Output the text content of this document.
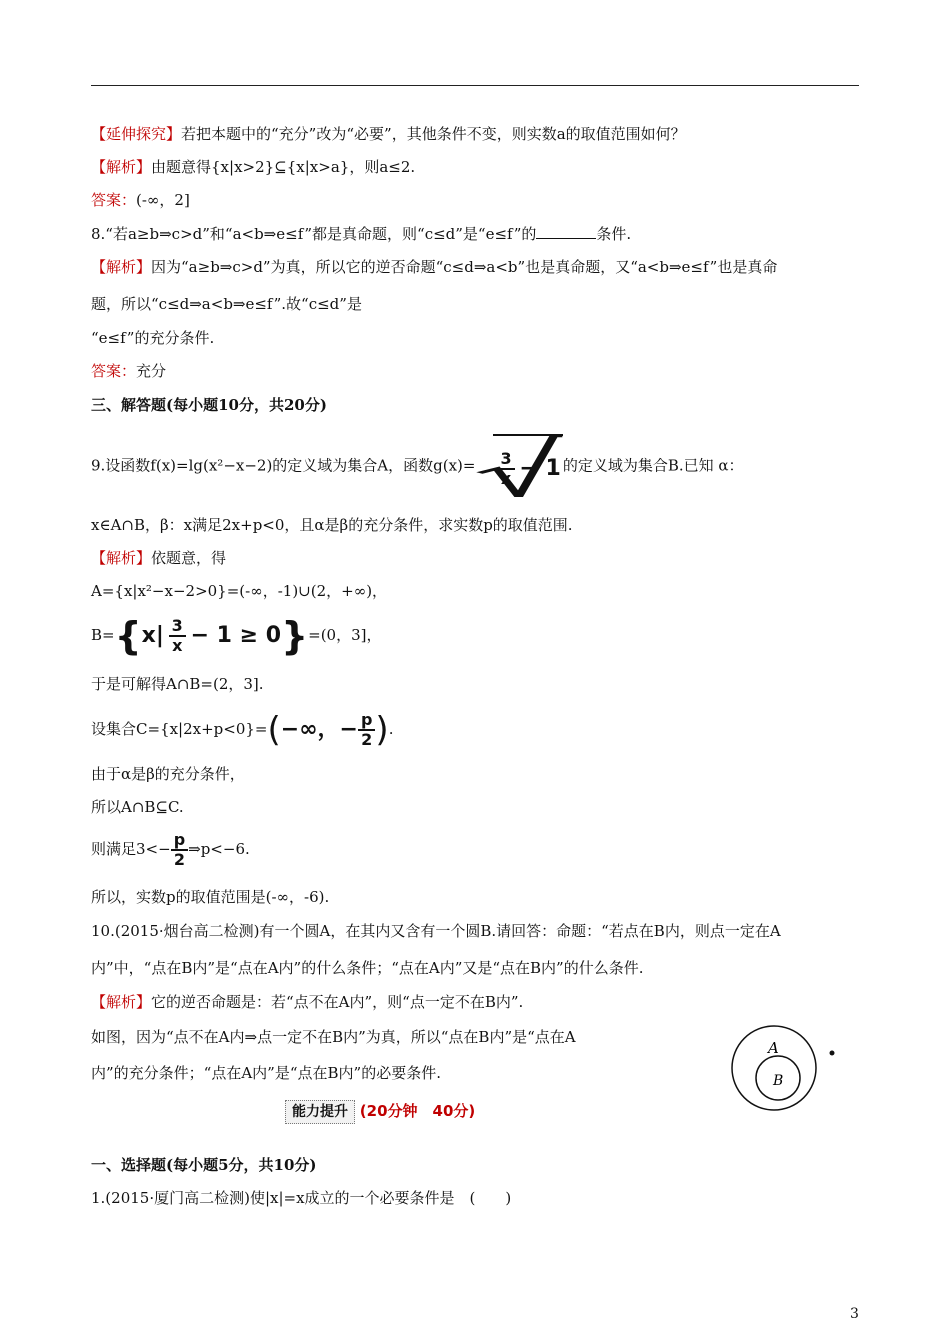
【延伸探究】若把本题中的“充分”改为“必要”，其他条件不变，则实数a的取值范围如何？
【解析】由题意得{x|x>2}⊆{x|x>a}，则a≤2.
答案：(-∞，2]
8.“若a≥b⇒c>d”和“a<b⇒e≤f”都是真命题，则“c≤d”是“e≤f”的	条件.
【解析】因为“a≥b⇒c>d”为真，所以它的逆否命题“c≤d⇒a<b”也是真命题，又“a<b⇒e≤f”也是真命
题，所以“c≤d⇒a<b⇒e≤f”.故“c≤d”是
“e≤f”的充分条件.
答案：充分
三、解答题(每小题10分，共20分)
9.设函数f(x)=lg(x²−x−2)的定义域为集合A，函数$g(x)= \frac{3}{x} - 1$ 的定义域为集合B.已知 α：
x∈A∩B，β：x满足2x+p<0，且α是β的充分条件，求实数p的取值范围.
【解析】依题意，得
A={x|x²−x−2>0}=(-∞，-1)∪(2，+∞)，
$B=\{x| \frac{3}{x} - 1 \ge 0\}=(0$，3]，
于是可解得A∩B=(2，3].
设集合C={x|2x+p<0}=(−∞，− $\frac{p}{2}$ ).
由于α是β的充分条件，
所以A∩B⊆C.
则满足$3<- \frac{p}{2}$ ⇒p<−6.
所以，实数p的取值范围是(-∞，-6).
10.(2015·烟台高二检测)有一个圆A，在其内又含有一个圆B.请回答：命题：“若点在B内，则点一定在A
内”中，“点在B内”是“点在A内”的什么条件；“点在A内”又是“点在B内”的什么条件.
【解析】它的逆否命题是：若“点不在A内”，则“点一定不在B内”.
如图，因为“点不在A内⇒点一定不在B内”为真，所以“点在B内”是“点在A
内”的充分条件；“点在A内”是“点在B内”的必要条件.
A
B
能力提升 (20分钟　40分)
一、选择题(每小题5分，共10分)
1.(2015·厦门高二检测)使|x|=x成立的一个必要条件是　(　　)
3
